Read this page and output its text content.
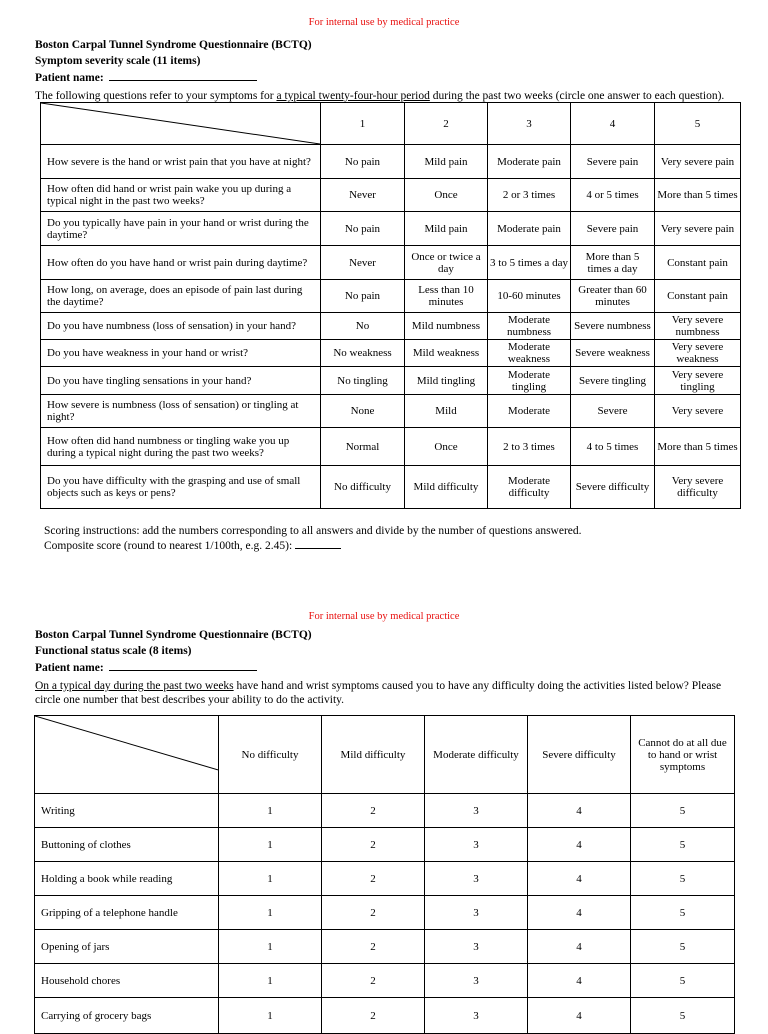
For internal use by medical practice
Boston Carpal Tunnel Syndrome Questionnaire (BCTQ)
Symptom severity scale (11 items)
Patient name:
The following questions refer to your symptoms for a typical twenty-four-hour period during the past two weeks (circle one answer to each question).
	1	2	3	4	5
How severe is the hand or wrist pain that you have at night?	No pain	Mild pain	Moderate pain	Severe pain	Very severe pain
How often did hand or wrist pain wake you up during a typical night in the past two weeks?	Never	Once	2 or 3 times	4 or 5 times	More than 5 times
Do you typically have pain in your hand or wrist during the daytime?	No pain	Mild pain	Moderate pain	Severe pain	Very severe pain
How often do you have hand or wrist pain during daytime?	Never	Once or twice a day	3 to 5 times a day	More than 5 times a day	Constant pain
How long, on average, does an episode of pain last during the daytime?	No pain	Less than 10 minutes	10-60 minutes	Greater than 60 minutes	Constant pain
Do you have numbness (loss of sensation) in your hand?	No	Mild numbness	Moderate numbness	Severe numbness	Very severe numbness
Do you have weakness in your hand or wrist?	No weakness	Mild weakness	Moderate weakness	Severe weakness	Very severe weakness
Do you have tingling sensations in your hand?	No tingling	Mild tingling	Moderate tingling	Severe tingling	Very severe tingling
How severe is numbness (loss of sensation) or tingling at night?	None	Mild	Moderate	Severe	Very severe
How often did hand numbness or tingling wake you up during a typical night during the past two weeks?	Normal	Once	2 to 3 times	4 to 5 times	More than 5 times
Do you have difficulty with the grasping and use of small objects such as keys or pens?	No difficulty	Mild difficulty	Moderate difficulty	Severe difficulty	Very severe difficulty
Scoring instructions: add the numbers corresponding to all answers and divide by the number of questions answered.
Composite score (round to nearest 1/100th, e.g. 2.45):
For internal use by medical practice
Boston Carpal Tunnel Syndrome Questionnaire (BCTQ)
Functional status scale (8 items)
Patient name:
On a typical day during the past two weeks have hand and wrist symptoms caused you to have any difficulty doing the activities listed below? Please circle one number that best describes your ability to do the activity.
	No difficulty	Mild difficulty	Moderate difficulty	Severe difficulty	Cannot do at all due to hand or wrist symptoms
Writing	1	2	3	4	5
Buttoning of clothes	1	2	3	4	5
Holding a book while reading	1	2	3	4	5
Gripping of a telephone handle	1	2	3	4	5
Opening of jars	1	2	3	4	5
Household chores	1	2	3	4	5
Carrying of grocery bags	1	2	3	4	5
